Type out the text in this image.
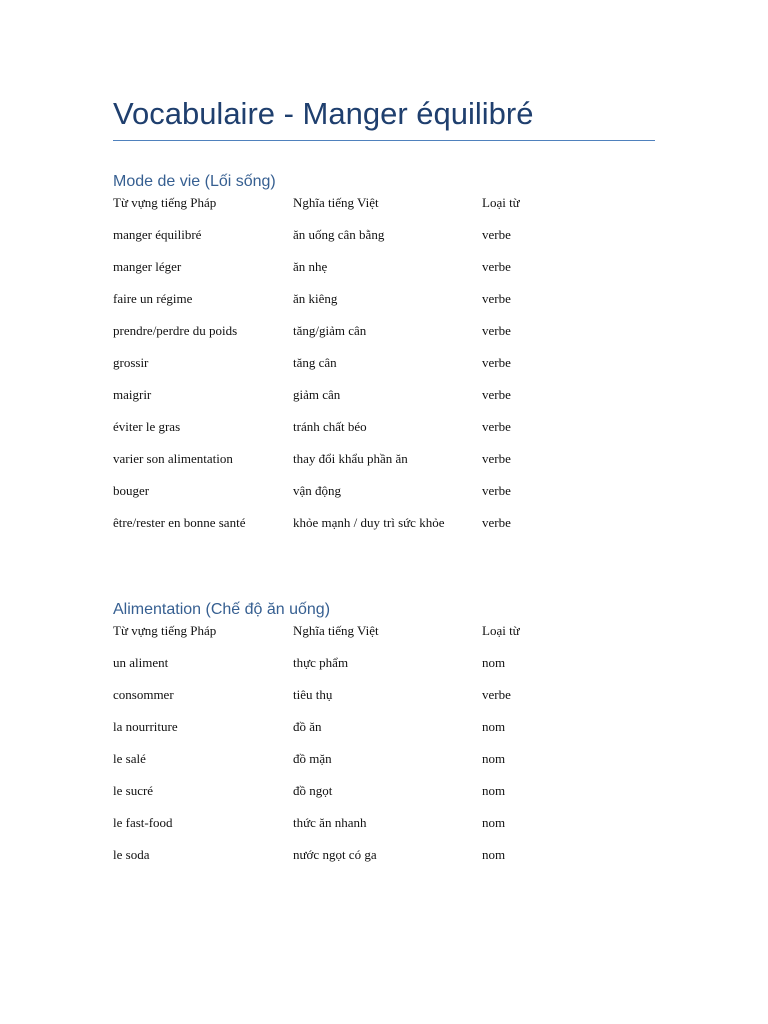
Vocabulaire - Manger équilibré
Mode de vie (Lối sống)
Từ vựng tiếng Pháp	Nghĩa tiếng Việt	Loại từ
manger équilibré	ăn uống cân bằng	verbe
manger léger	ăn nhẹ	verbe
faire un régime	ăn kiêng	verbe
prendre/perdre du poids	tăng/giảm cân	verbe
grossir	tăng cân	verbe
maigrir	giảm cân	verbe
éviter le gras	tránh chất béo	verbe
varier son alimentation	thay đổi khẩu phần ăn	verbe
bouger	vận động	verbe
être/rester en bonne santé	khỏe mạnh / duy trì sức khỏe	verbe
Alimentation (Chế độ ăn uống)
Từ vựng tiếng Pháp	Nghĩa tiếng Việt	Loại từ
un aliment	thực phẩm	nom
consommer	tiêu thụ	verbe
la nourriture	đồ ăn	nom
le salé	đồ mặn	nom
le sucré	đồ ngọt	nom
le fast-food	thức ăn nhanh	nom
le soda	nước ngọt có ga	nom
